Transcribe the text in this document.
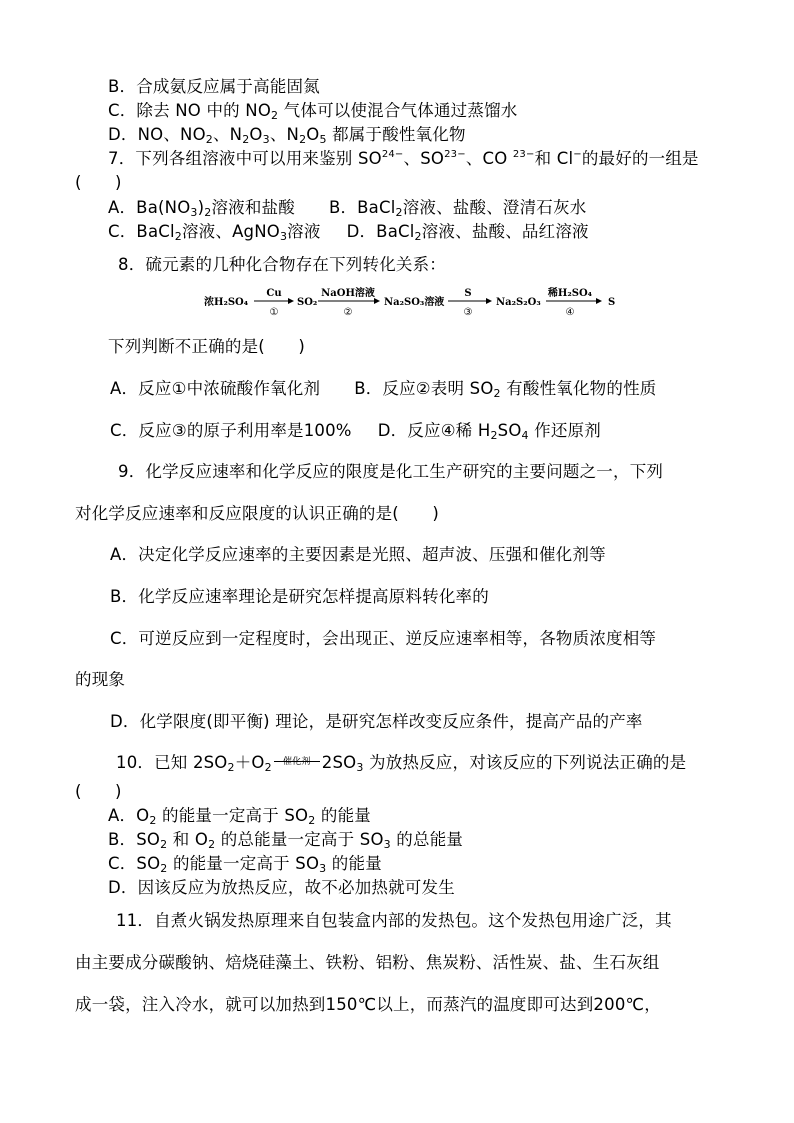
B．合成氨反应属于高能固氮
C．除去 NO 中的 $NO_2$ 气体可以使混合气体通过蒸馏水
D．NO、$NO_2$、$N_2O_3$、$N_2O_5$ 都属于酸性氧化物
7．下列各组溶液中可以用来鉴别 $SO^{24-}$、$SO^{23-}$、CO $^{23-}$和 Cl−的最好的一组是
(　　)
A．$Ba(NO_3)_2$溶液和盐酸 B．BaCl$_2$溶液、盐酸、澄清石灰水
C．BaCl$_2$溶液、AgNO$_3$溶液 D．BaCl$_2$溶液、盐酸、品红溶液
8．硫元素的几种化合物存在下列转化关系：
浓H₂SO₄
Cu
①
SO₂
NaOH溶液
②
Na₂SO₃溶液
S
③
Na₂S₂O₃
稀H₂SO₄
④
S
下列判断不正确的是(　　)
A．反应①中浓硫酸作氧化剂 B．反应②表明 $SO_2$ 有酸性氧化物的性质
C．反应③的原子利用率是100% D．反应④稀 $H_2SO_4$ 作还原剂
9．化学反应速率和化学反应的限度是化工生产研究的主要问题之一，下列
对化学反应速率和反应限度的认识正确的是(　　)
A．决定化学反应速率的主要因素是光照、超声波、压强和催化剂等
B．化学反应速率理论是研究怎样提高原料转化率的
C．可逆反应到一定程度时，会出现正、逆反应速率相等，各物质浓度相等
的现象
D．化学限度(即平衡) 理论，是研究怎样改变反应条件，提高产品的产率
10．已知 $2SO_2+O_2$	催化剂 $2SO_3$ 为放热反应，对该反应的下列说法正确的是
(　　)
A．$O_2$ 的能量一定高于 $SO_2$ 的能量
B．$SO_2$ 和 $O_2$ 的总能量一定高于 $SO_3$ 的总能量
C．$SO_2$ 的能量一定高于 $SO_3$ 的能量
D．因该反应为放热反应，故不必加热就可发生
11．自煮火锅发热原理来自包装盒内部的发热包。这个发热包用途广泛，其
由主要成分碳酸钠、焙烧硅藻土、铁粉、铝粉、焦炭粉、活性炭、盐、生石灰组
成一袋，注入冷水，就可以加热到150℃以上，而蒸汽的温度即可达到200℃，
